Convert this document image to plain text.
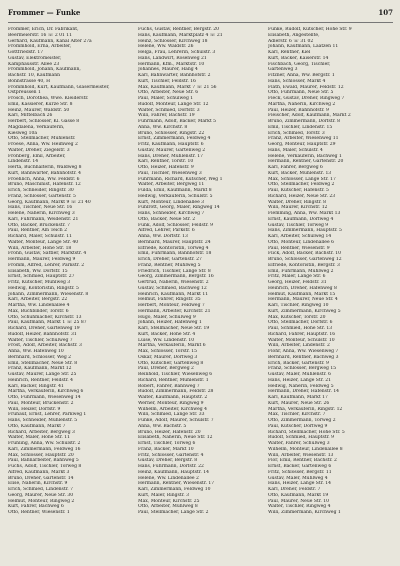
Frommer — Funke	107
Frommer, Erich, Dr. Fabrikant,
Beermeierstr. 16 ☏ 2 01 11
Gerhard, Kaufmann, Kanal Alter 27a
Frommhold, Erna, Arbeiter,
Gottfriedstr. 17
Gustav, Elektromeister,
Kamphausstr. Allee 23
Frommhold, Johann, Kaufmann,
Bachstr. 10, Kaufmann
Bonnstrasse 40, H
Frommhold, Kurt, Kaufmann, Glasermeister,
Ostpreussen 1
Frosch, Dorothea, Wwe. Kleiderstr.
Emil, Kassierer, Kurze Str. 8
Heinz, Maurer, Waldstr. 50
Karl, Mittelbach 26
Herbert, Schlosser, Kl. Gasse 8
Magdalena, Verkäuferin,
Kiesweg 10a
Otto, Stellmacher, Mühlenstr.
Froese, Anna, Ww. Heimweg 2
Walter, Dreher, Ziegelstr. 3
Frohberg, Emil, Arbeiter,
Lindenstr. 14
Herta, Buchhalterin, Waldweg 8
Kurt, Bahnwärter, Bahnhofstr. 4
Froehlich, Anna, Ww. Feldstr. 6
Bruno, Maschinist, Hafenstr. 12
Erich, Schneider, Ringstr. 30
Franz, Schlosser, Gartenstr. 5
Georg, Kaufmann, Markt 9 ☏ 21 40
Hans, Tischler, Neue Str. 16
Helene, Näherin, Kirchweg 3
Karl, Fuhrmann, Weidenstr. 21
Otto, Bäcker, Brückenstr. 7
Paul, Rentner, Am Teich 2
Richard, Maler, Schulstr. 11
Walter, Monteur, Lange Str. 40
Willi, Arbeiter, Hohe Str. 18
Frohn, Gustav, Sattler, Marktstr. 4
Hermann, Maurer, Feldweg 9
Fromm, Alfred, Lehrer, Parkstr. 2
Elisabeth, Ww. Dorfstr. 15
Ernst, Schmied, Hauptstr. 27
Fritz, Kutscher, Mühlweg 3
Hedwig, Kontoristin, Ringstr. 5
Johann, Zimmermann, Wiesenstr. 8
Karl, Arbeiter, Bergstr. 22
Martha, Ww. Lindenallee 4
Max, Buchbinder, Torstr. 6
Otto, Schuhmacher, Kirchstr. 13
Paul, Kaufmann, Markt 1 ☏ 25 87
Richard, Dreher, Gartenweg 19
Rudolf, Heizer, Bahnhofstr. 31
Walter, Tischler, Schulweg 7
Frost, Adolf, Arbeiter, Bachstr. 3
Anna, Ww. Hafenweg 10
Bernhard, Schlosser, Weg 2
Emil, Stellmacher, Neue Str. 8
Franz, Kaufmann, Markt 12
Gustav, Maurer, Lange Str. 25
Heinrich, Rentner, Feldstr. 4
Karl, Bäcker, Ringstr. 41
Martha, Verkäuferin, Kirchweg 6
Otto, Fuhrmann, Wiesenweg 14
Paul, Monteur, Brückenstr. 2
Willi, Heizer, Dorfstr. 9
Frühauf, Ernst, Lehrer, Parkweg 1
Hans, Schneider, Mühlenstr. 5
Otto, Kaufmann, Markt 7
Richard, Arbeiter, Bergweg 3
Walter, Maler, Hohe Str. 11
Frühling, Anna, Ww. Schulstr. 2
Karl, Zimmermann, Feldweg 16
Max, Schlosser, Hauptstr. 20
Paul, Bahnarbeiter, Bahnweg 5
Fuchs, Adolf, Tischler, Torweg 8
Alfred, Kaufmann, Markt 3
Bruno, Dreher, Gartenstr. 14
Elise, Näherin, Kirchstr. 9
Erich, Schmied, Lindenstr. 7
Georg, Maurer, Neue Str. 30
Helmut, Monteur, Ringweg 2
Kurt, Fahrer, Bachweg 6
Otto, Rentner, Wiesenstr. 1
Fuchs, Gustav, Rentner, Bergstr. 20
Hans, Kaufmann, Marktplatz 4 ☏ 21
Heinz, Schlosser, Kirchweg 18
Helene, Ww. Waldstr. 26
Helga, Frau, Lehrerin, Schulstr. 3
Hans, Landwirt, Rosenweg 21
Hermann, Kfm., Marktstr. 10
Johannes, Maurer, Hang 4
Karl, Bahnwärter, Bahnhofstr. 2
Kurt, Tischler, Feldstr. 16
Max, Kaufmann, Markt 7 ☏ 21 56
Otto, Arbeiter, Neue Str. 6
Paul, Maler, Schulweg 1
Rudolf, Monteur, Lange Str. 12
Walter, Schmied, Dorfstr. 3
Willi, Fahrer, Bachstr. 19
Fuhrmann, Adolf, Bäcker, Markt 5
Anna, Ww. Kirchstr. 8
Bruno, Schlosser, Ringstr. 22
Ernst, Zimmermann, Feldweg 4
Fritz, Kaufmann, Hauptstr. 6
Gustav, Maurer, Gartenweg 2
Hans, Dreher, Mühlenstr. 17
Karl, Rentner, Torstr. 10
Otto, Heizer, Hafenstr. 9
Paul, Tischler, Wiesenweg 3
Fuhrmann, Richard, Kutscher, Weg 1
Walter, Arbeiter, Bergweg 11
Fulda, Emil, Kaufmann, Markt 8
Hedwig, Verkäuferin, Schulstr. 5
Kurt, Monteur, Lindenallee 3
Fuhlrott, Georg, Maler, Ringweg 14
Hans, Schneider, Kirchweg 7
Otto, Bäcker, Neue Str. 2
Funk, Adolf, Schlosser, Feldstr. 9
Alfred, Lehrer, Parkstr. 6
Anna, Ww. Dorfstr. 13
Bernhard, Maurer, Hauptstr. 24
Elfriede, Kontoristin, Torweg 4
Emil, Fuhrmann, Bahnhofstr. 18
Erich, Dreher, Gartenstr. 27
Franz, Rentner, Mühlweg 5
Friedrich, Tischler, Lange Str. 8
Georg, Zimmermann, Bergstr. 16
Gertrud, Näherin, Wiesenstr. 2
Gustav, Schmied, Bachweg 12
Heinrich, Kaufmann, Markt 11
Helmut, Fahrer, Ringstr. 35
Herbert, Monteur, Feldweg 7
Hermann, Arbeiter, Kirchstr. 21
Hugo, Maler, Schulweg 9
Johann, Heizer, Hafenweg 1
Karl, Stellmacher, Neue Str. 19
Kurt, Bäcker, Hohe Str. 4
Luise, Ww. Lindenstr. 10
Martha, Verkäuferin, Markt 6
Max, Schlosser, Torstr. 15
Oskar, Maurer, Dorfweg 3
Otto, Kutscher, Gartenweg 8
Paul, Dreher, Bergweg 2
Reinhold, Tischler, Wiesenweg 6
Richard, Rentner, Mühlenstr. 1
Robert, Fahrer, Bahnweg 7
Rudolf, Zimmermann, Feldstr. 28
Walter, Kaufmann, Hauptstr. 2
Werner, Monteur, Ringweg 9
Wilhelm, Arbeiter, Kirchweg 4
Willi, Schmied, Lange Str. 33
Funke, Adolf, Maurer, Schulstr. 7
Anna, Ww. Bachstr. 5
Bruno, Heizer, Hafenstr. 20
Elisabeth, Näherin, Neue Str. 12
Ernst, Tischler, Torweg 6
Franz, Bäcker, Markt 10
Fritz, Schlosser, Gartenstr. 4
Gustav, Dreher, Bergstr. 8
Hans, Fuhrmann, Dorfstr. 22
Heinz, Kaufmann, Hauptstr. 14
Helene, Ww. Lindenallee 2
Hermann, Rentner, Wiesenstr. 17
Karl, Zimmermann, Feldweg 10
Kurt, Maler, Ringstr. 3
Max, Monteur, Kirchstr. 25
Otto, Arbeiter, Mühlweg 8
Paul, Stellmacher, Lange Str. 2
Funke, Rudolf, Kutscher, Hohe Str. 9
Elisabeth, Angestellte,
Adlerstr. 6 ☏ 31 02
Johann, Kaufmann, Laatzen 11
Karl, Rentner, Kiel
Kurt, Bäcker, Kaiserstr. 14
Fischbach, Georg, Tischler,
Gartenweg 3
Fitzner, Anna, Ww. Bergstr. 1
Hans, Schlosser, Markt 4
Flath, Ewald, Maurer, Feldstr. 12
Otto, Fuhrmann, Neue Str. 5
Fleck, Gustav, Dreher, Ringweg 7
Martha, Näherin, Kirchweg 2
Paul, Heizer, Bahnhofstr. 9
Fleischer, Adolf, Kaufmann, Markt 2
Bruno, Zimmermann, Dorfstr. 8
Emil, Tischler, Lindenstr. 15
Erich, Schmied, Torstr. 3
Franz, Arbeiter, Wiesenweg 11
Georg, Monteur, Hauptstr. 29
Hans, Maler, Schulstr. 4
Helene, Verkäuferin, Bachweg 1
Hermann, Rentner, Gartenstr. 20
Karl, Fahrer, Bergweg 6
Kurt, Bäcker, Mühlenstr. 13
Max, Schlosser, Lange Str. 17
Otto, Stellmacher, Feldweg 2
Paul, Kutscher, Hafenstr. 5
Richard, Heizer, Neue Str. 23
Walter, Dreher, Ringstr. 8
Willi, Maurer, Kirchstr. 12
Flemming, Anna, Ww. Markt 13
Ernst, Kaufmann, Dorfweg 4
Gustav, Tischler, Torweg 9
Hans, Zimmermann, Hauptstr. 5
Karl, Arbeiter, Schulweg 14
Otto, Monteur, Lindenallee 6
Paul, Rentner, Wiesenstr. 9
Flick, Adolf, Bäcker, Bachstr. 10
Bruno, Schlosser, Gartenweg 12
Elfriede, Kontoristin, Bergstr. 3
Emil, Fuhrmann, Mühlweg 2
Fritz, Maler, Lange Str. 6
Georg, Heizer, Feldstr. 31
Heinrich, Dreher, Hafenweg 8
Helmut, Kaufmann, Markt 15
Hermann, Maurer, Neue Str. 4
Karl, Tischler, Ringweg 10
Kurt, Zimmermann, Kirchweg 5
Max, Kutscher, Torstr. 20
Otto, Stellmacher, Dorfstr. 6
Paul, Schmied, Hohe Str. 13
Richard, Fahrer, Hauptstr. 16
Walter, Monteur, Schulstr. 10
Willi, Arbeiter, Lindenstr. 2
Flohr, Anna, Ww. Wiesenweg 7
Bernhard, Rentner, Bachweg 3
Erich, Bäcker, Gartenstr. 9
Franz, Schlosser, Bergweg 15
Gustav, Maler, Mühlenstr. 6
Hans, Heizer, Lange Str. 21
Hedwig, Näherin, Feldweg 5
Hermann, Dreher, Hafenstr. 14
Karl, Kaufmann, Markt 17
Kurt, Maurer, Neue Str. 26
Martha, Verkäuferin, Ringstr. 12
Max, Tischler, Kirchstr. 7
Otto, Zimmermann, Torweg 2
Paul, Kutscher, Dorfweg 9
Richard, Stellmacher, Hohe Str. 5
Rudolf, Schmied, Hauptstr. 9
Walter, Fahrer, Schulweg 3
Wilhelm, Monteur, Lindenallee 8
Willi, Arbeiter, Wiesenstr. 13
Flor, Emil, Rentner, Bachstr. 2
Ernst, Bäcker, Gartenweg 6
Fritz, Schlosser, Bergstr. 11
Gustav, Maler, Mühlweg 4
Hans, Heizer, Lange Str. 14
Karl, Dreher, Feldstr. 7
Otto, Kaufmann, Markt 19
Paul, Maurer, Neue Str. 10
Walter, Tischler, Ringweg 4
Willi, Zimmermann, Kirchweg 1
